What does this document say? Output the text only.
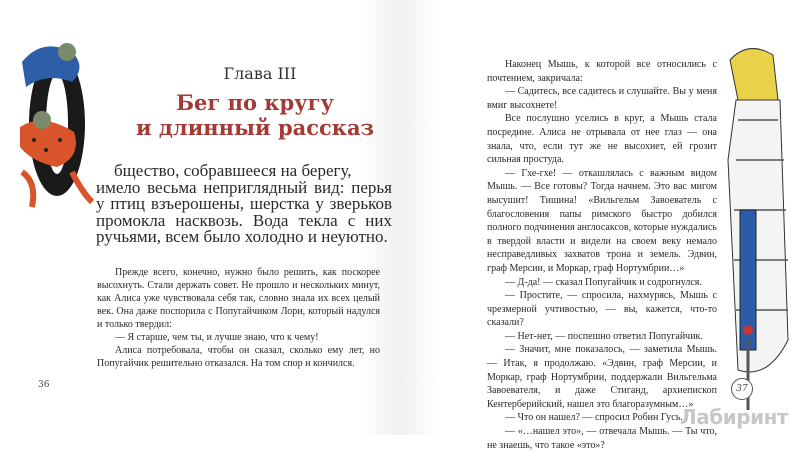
Глава III
Бег по кругу
и длинный рассказ
бщество, собравшееся на берегу,
имело весьма неприглядный вид: перья у птиц взъерошены, шерстка у зверьков промокла насквозь. Вода текла с них ручьями, всем было холодно и неуютно.

Прежде всего, конечно, нужно было решить, как поскорее высохнуть. Стали держать совет. Не прошло и нескольких минут, как Алиса уже чувствовала себя так, словно знала их всех целый век. Она даже поспорила с Попугайчиком Лори, который надулся и только твердил:

— Я старше, чем ты, и лучше знаю, что к чему!

Алиса потребовала, чтобы он сказал, сколько ему лет, но Попугайчик решительно отказался. На том спор и кончился.

36

Наконец Мышь, к которой все относились с почтением, закричала:

— Садитесь, все садитесь и слушайте. Вы у меня вмиг высохнете!

Все послушно уселись в круг, а Мышь стала посредине. Алиса не отрывала от нее глаз — она знала, что, если тут же не высохнет, ей грозит сильная простуда.

— Гхе-гхе! — откашлялась с важным видом Мышь. — Все готовы? Тогда начнем. Это вас мигом высушит! Тишина! «Вильгельм Завоеватель с благословения папы римского быстро добился полного подчинения англосаксов, которые нуждались в твердой власти и видели на своем веку немало несправедливых захватов трона и земель. Эдвин, граф Мерсии, и Моркар, граф Нортумбрии…»

— Д-да! — сказал Попугайчик и содрогнулся.

— Простите, — спросила, нахмурясь, Мышь с чрезмерной учтивостью, — вы, кажется, что-то сказали?

— Нет-нет, — поспешно ответил Попугайчик.

— Значит, мне показалось, — заметила Мышь. — Итак, я продолжаю. «Эдвин, граф Мерсии, и Моркар, граф Нортумбрии, поддержали Вильгельма Завоевателя, и даже Стиганд, архиепископ Кентерберийский, нашел это благоразумным…»

— Что он нашел? — спросил Робин Гусь.

— «…нашел это», — отвечала Мышь. — Ты что, не знаешь, что такое «это»?

37
Лабиринт
